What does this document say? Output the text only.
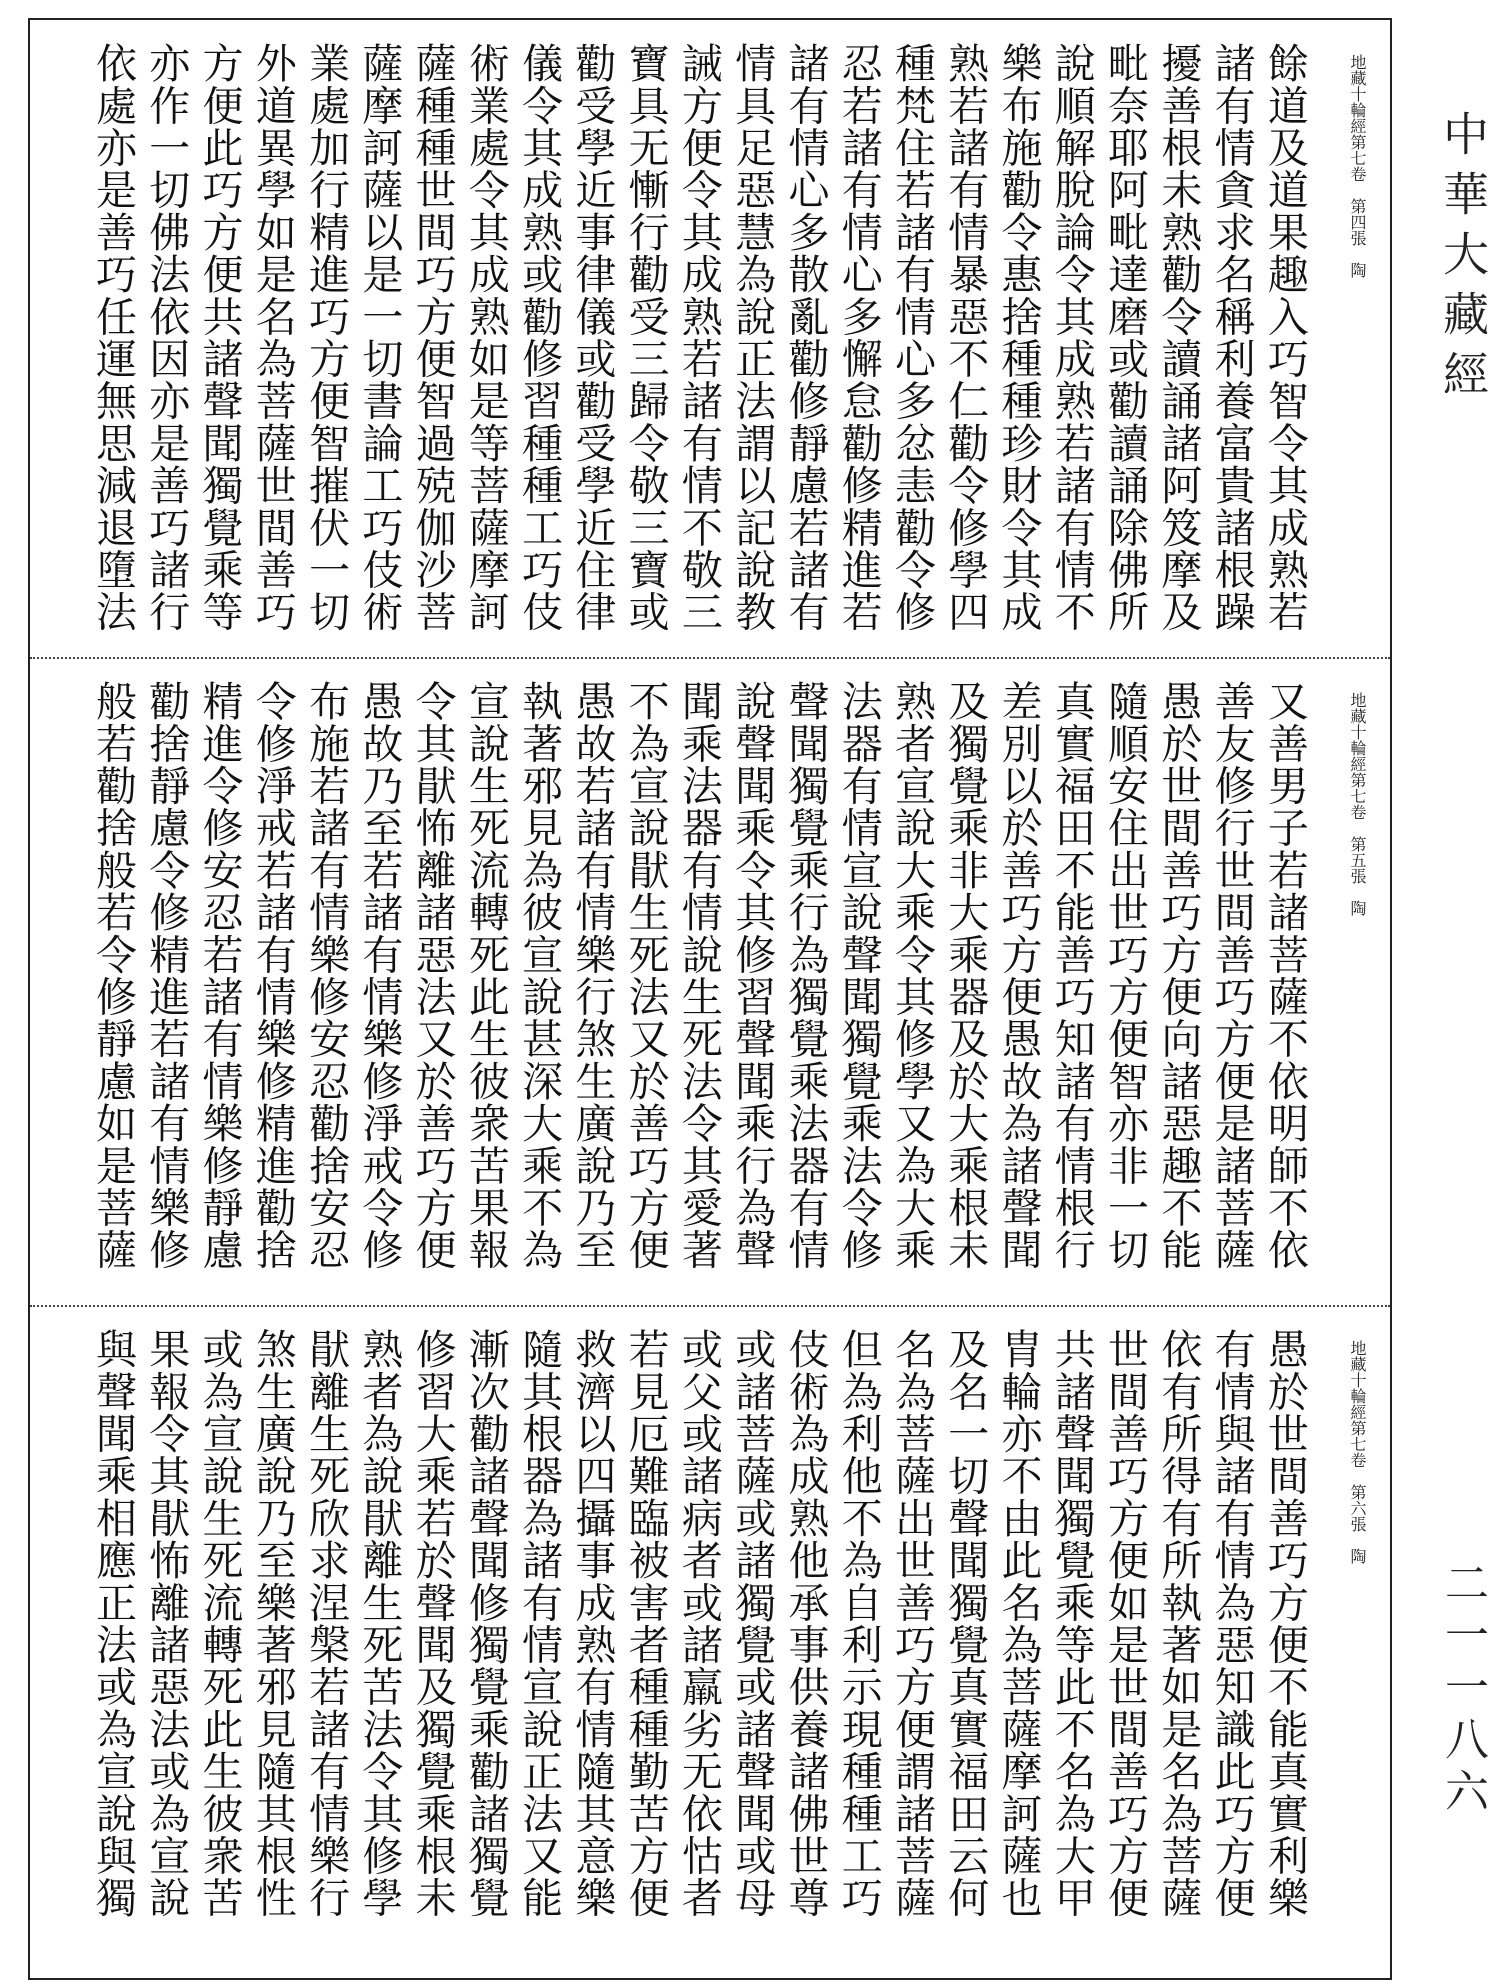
地藏十輪經第七卷　第四張　陶
餘道及道果趣入巧智令其成熟若
諸有情貪求名稱利養富貴諸根躁
擾善根未熟勸令讀誦諸阿笈摩及
毗奈耶阿毗達磨或勸讀誦除佛所
說順解脫論令其成熟若諸有情不
樂布施勸令惠捨種種珍財令其成
熟若諸有情暴惡不仁勸令修學四
種梵住若諸有情心多忿恚勸令修
忍若諸有情心多懈怠勸修精進若
諸有情心多散亂勸修靜慮若諸有
情具足惡慧為說正法謂以記說教
誡方便令其成熟若諸有情不敬三
寶具无慚行勸受三歸令敬三寶或
勸受學近事律儀或勸受學近住律
儀令其成熟或勸修習種種工巧伎
術業處令其成熟如是等菩薩摩訶
薩種種世間巧方便智過殑伽沙菩
薩摩訶薩以是一切書論工巧伎術
業處加行精進巧方便智摧伏一切
外道異學如是名為菩薩世間善巧
方便此巧方便共諸聲聞獨覺乘等
亦作一切佛法依因亦是善巧諸行
依處亦是善巧任運無思減退墮法
地藏十輪經第七卷　第五張　陶
又善男子若諸菩薩不依明師不依
善友修行世間善巧方便是諸菩薩
愚於世間善巧方便向諸惡趣不能
隨順安住出世巧方便智亦非一切
真實福田不能善巧知諸有情根行
差別以於善巧方便愚故為諸聲聞
及獨覺乘非大乘器及於大乘根未
熟者宣說大乘令其修學又為大乘
法器有情宣說聲聞獨覺乘法令修
聲聞獨覺乘行為獨覺乘法器有情
說聲聞乘令其修習聲聞乘行為聲
聞乘法器有情說生死法令其愛著
不為宣說猒生死法又於善巧方便
愚故若諸有情樂行煞生廣說乃至
執著邪見為彼宣說甚深大乘不為
宣說生死流轉死此生彼衆苦果報
令其猒怖離諸惡法又於善巧方便
愚故乃至若諸有情樂修淨戒令修
布施若諸有情樂修安忍勸捨安忍
令修淨戒若諸有情樂修精進勸捨
精進令修安忍若諸有情樂修靜慮
勸捨靜慮令修精進若諸有情樂修
般若勸捨般若令修靜慮如是菩薩
地藏十輪經第七卷　第六張　陶
愚於世間善巧方便不能真實利樂
有情與諸有情為惡知識此巧方便
依有所得有所執著如是名為菩薩
世間善巧方便如是世間善巧方便
共諸聲聞獨覺乘等此不名為大甲
胄輪亦不由此名為菩薩摩訶薩也
及名一切聲聞獨覺真實福田云何
名為菩薩出世善巧方便謂諸菩薩
但為利他不為自利示現種種工巧
伎術為成熟他承事供養諸佛世尊
或諸菩薩或諸獨覺或諸聲聞或母
或父或諸病者或諸羸劣无依怙者
若見厄難臨被害者種種勤苦方便
救濟以四攝事成熟有情隨其意樂
隨其根器為諸有情宣說正法又能
漸次勸諸聲聞修獨覺乘勸諸獨覺
修習大乘若於聲聞及獨覺乘根未
熟者為說猒離生死苦法令其修學
猒離生死欣求涅槃若諸有情樂行
煞生廣說乃至樂著邪見隨其根性
或為宣說生死流轉死此生彼衆苦
果報令其猒怖離諸惡法或為宣說
與聲聞乘相應正法或為宣說與獨
中華大藏經
二一一八六
